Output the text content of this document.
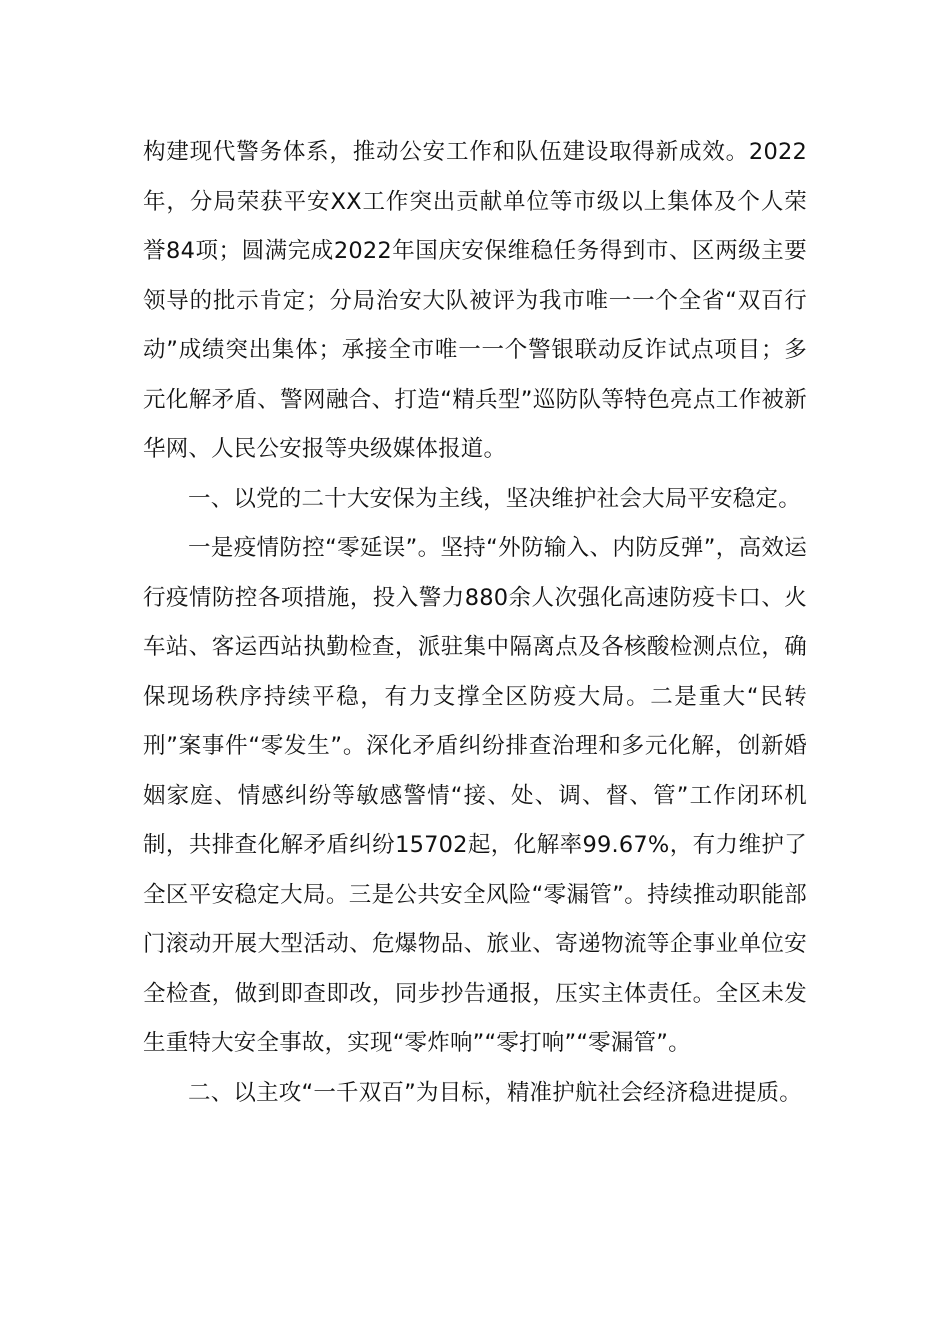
构建现代警务体系，推动公安工作和队伍建设取得新成效。2022年，分局荣获平安XX工作突出贡献单位等市级以上集体及个人荣誉84项；圆满完成2022年国庆安保维稳任务得到市、区两级主要领导的批示肯定；分局治安大队被评为我市唯一一个全省“双百行动”成绩突出集体；承接全市唯一一个警银联动反诈试点项目；多元化解矛盾、警网融合、打造“精兵型”巡防队等特色亮点工作被新华网、人民公安报等央级媒体报道。

一、以党的二十大安保为主线，坚决维护社会大局平安稳定。

一是疫情防控“零延误”。坚持“外防输入、内防反弹”，高效运行疫情防控各项措施，投入警力880余人次强化高速防疫卡口、火车站、客运西站执勤检查，派驻集中隔离点及各核酸检测点位，确保现场秩序持续平稳，有力支撑全区防疫大局。二是重大“民转刑”案事件“零发生”。深化矛盾纠纷排查治理和多元化解，创新婚姻家庭、情感纠纷等敏感警情“接、处、调、督、管”工作闭环机制，共排查化解矛盾纠纷15702起，化解率99.67%，有力维护了全区平安稳定大局。三是公共安全风险“零漏管”。持续推动职能部门滚动开展大型活动、危爆物品、旅业、寄递物流等企事业单位安全检查，做到即查即改，同步抄告通报，压实主体责任。全区未发生重特大安全事故，实现“零炸响”“零打响”“零漏管”。

二、以主攻“一千双百”为目标，精准护航社会经济稳进提质。
